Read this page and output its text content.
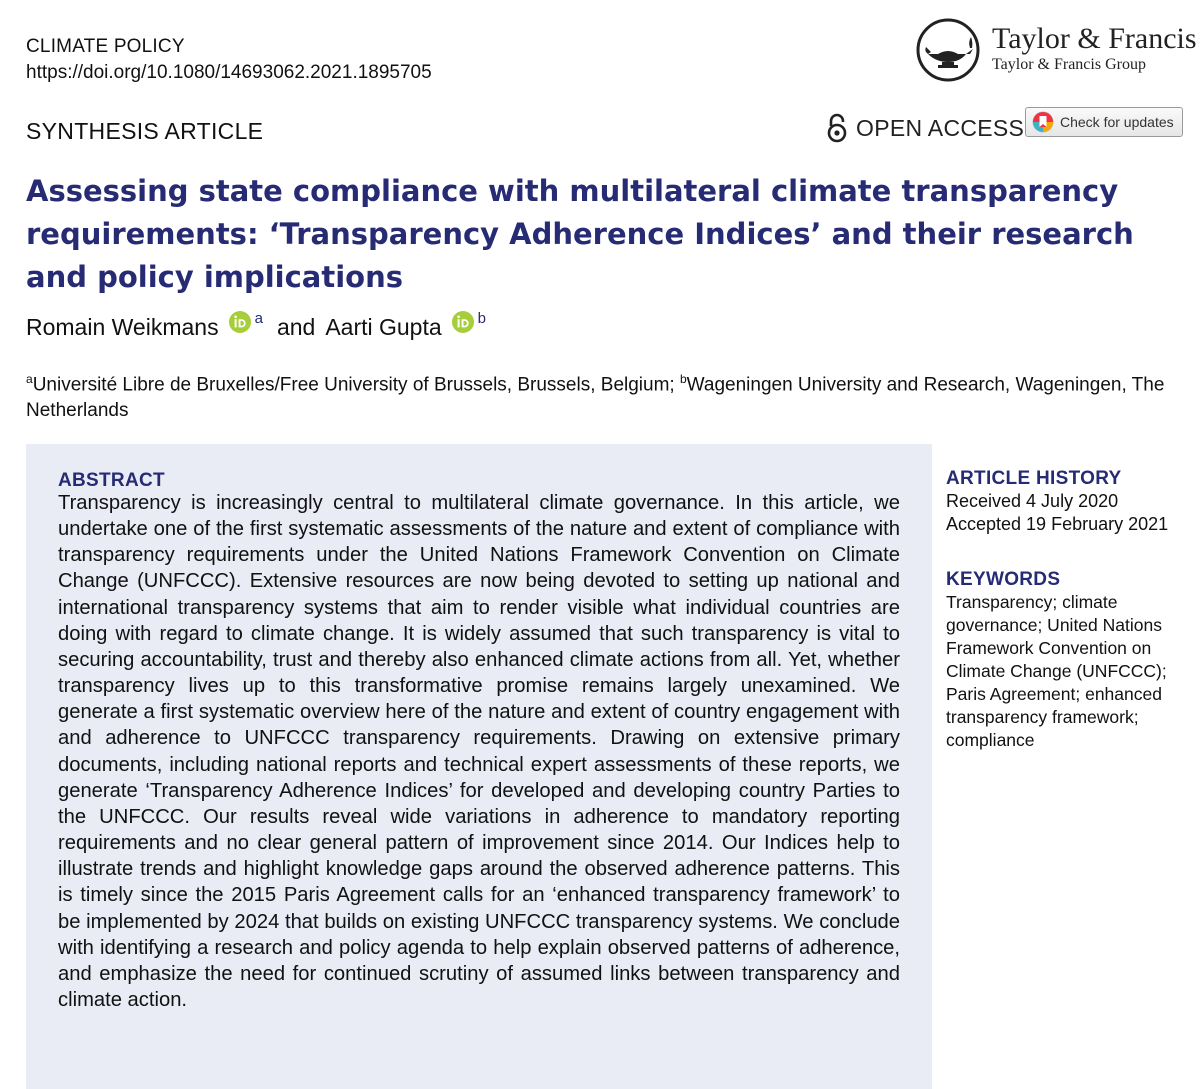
CLIMATE POLICY
https://doi.org/10.1080/14693062.2021.1895705
Taylor & Francis
Taylor & Francis Group
SYNTHESIS ARTICLE	OPEN ACCESS	Check for updates
Assessing state compliance with multilateral climate transparency requirements: ‘Transparency Adherence Indices’ and their research and policy implications
Romain Weikmans a and Aarti Gupta b
$^a$Université Libre de Bruxelles/Free University of Brussels, Brussels, Belgium; $^b$Wageningen University and Research, Wageningen, The Netherlands
ABSTRACT

Transparency is increasingly central to multilateral climate governance. In this article, we undertake one of the first systematic assessments of the nature and extent of compliance with transparency requirements under the United Nations Framework Convention on Climate Change (UNFCCC). Extensive resources are now being devoted to setting up national and international transparency systems that aim to render visible what individual countries are doing with regard to climate change. It is widely assumed that such transparency is vital to securing accountability, trust and thereby also enhanced climate actions from all. Yet, whether transparency lives up to this transformative promise remains largely unexamined. We generate a first systematic overview here of the nature and extent of country engagement with and adherence to UNFCCC transparency requirements. Drawing on extensive primary documents, including national reports and technical expert assessments of these reports, we generate ‘Transparency Adherence Indices’ for developed and developing country Parties to the UNFCCC. Our results reveal wide variations in adherence to mandatory reporting requirements and no clear general pattern of improvement since 2014. Our Indices help to illustrate trends and highlight knowledge gaps around the observed adherence patterns. This is timely since the 2015 Paris Agreement calls for an ‘enhanced transparency framework’ to be implemented by 2024 that builds on existing UNFCCC transparency systems. We conclude with identifying a research and policy agenda to help explain observed patterns of adherence, and emphasize the need for continued scrutiny of assumed links between transparency and climate action.

ARTICLE HISTORY
Received 4 July 2020
Accepted 19 February 2021
KEYWORDS
Transparency; climate governance; United Nations Framework Convention on Climate Change (UNFCCC); Paris Agreement; enhanced transparency framework; compliance
